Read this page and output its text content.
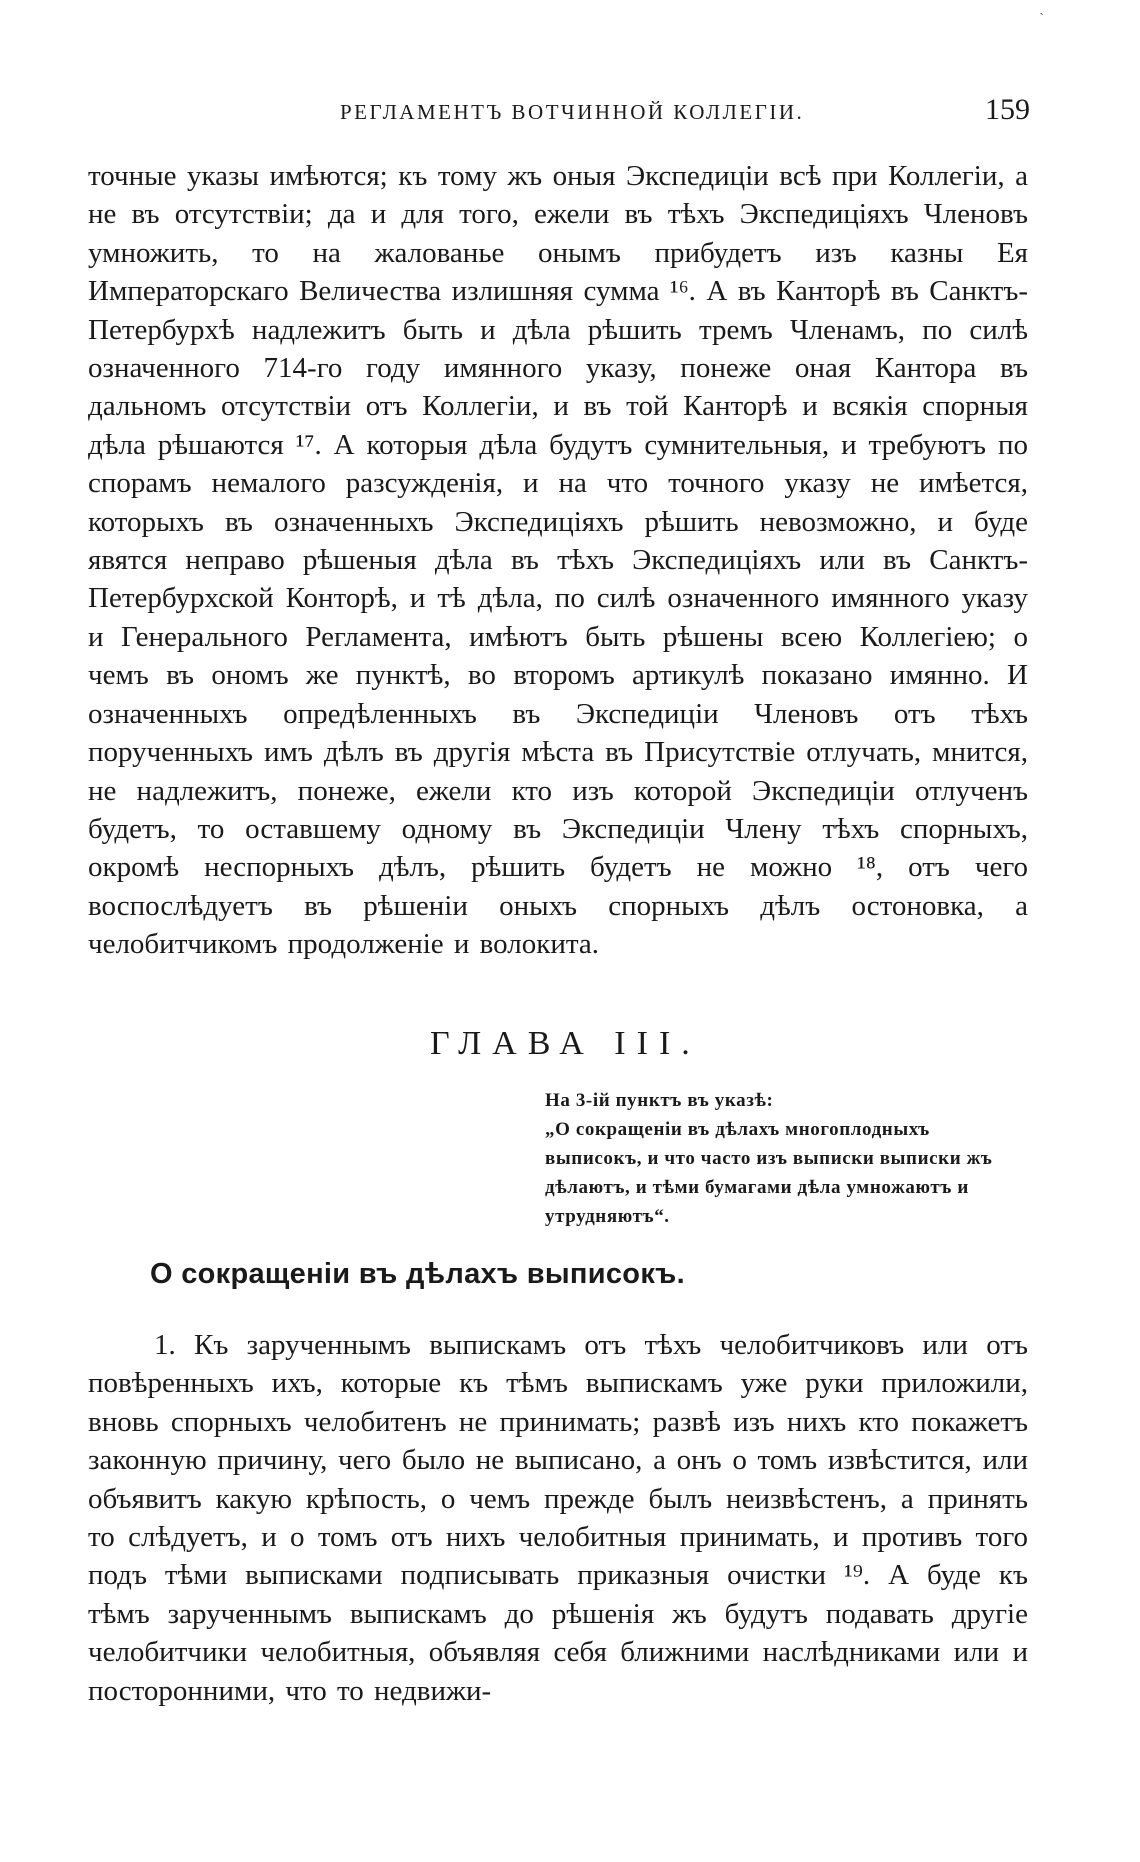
`
РЕГЛАМЕНТЪ ВОТЧИННОЙ КОЛЛЕГIИ.	159
точные указы имѣются; къ тому жъ оныя Экспедицiи всѣ при Коллегiи, а не въ отсутствiи; да и для того, ежели въ тѣхъ Экспедицiяхъ Членовъ умножить, то на жалованье онымъ прибудетъ изъ казны Ея Императорскаго Величества излишняя сумма ¹⁶. А въ Канторѣ въ Санктъ-Петербурхѣ надлежитъ быть и дѣла рѣшить тремъ Членамъ, по силѣ означенного 714-го году имянного указу, понеже оная Кантора въ дальномъ отсутствiи отъ Коллегiи, и въ той Канторѣ и всякiя спорныя дѣла рѣшаются ¹⁷. А которыя дѣла будутъ сумнительныя, и требуютъ по спорамъ немалого разсужденiя, и на что точного указу не имѣется, которыхъ въ означенныхъ Экспедицiяхъ рѣшить невозможно, и буде явятся неправо рѣшеныя дѣла въ тѣхъ Экспедицiяхъ или въ Санктъ-Петербурхской Конторѣ, и тѣ дѣла, по силѣ означенного имянного указу и Генерального Регламента, имѣютъ быть рѣшены всею Коллегiею; о чемъ въ ономъ же пунктѣ, во второмъ артикулѣ показано имянно. И означенныхъ опредѣленныхъ въ Экспедицiи Членовъ отъ тѣхъ порученныхъ имъ дѣлъ въ другiя мѣста въ Присутствiе отлучать, мнится, не надлежитъ, понеже, ежели кто изъ которой Экспедицiи отлученъ будетъ, то оставшему одному въ Экспедицiи Члену тѣхъ спорныхъ, окромѣ неспорныхъ дѣлъ, рѣшить будетъ не можно ¹⁸, отъ чего воспослѣдуетъ въ рѣшенiи оныхъ спорныхъ дѣлъ остоновка, а челобитчикомъ продолженiе и волокита.
ГЛАВА III.
На 3-iй пунктъ въ указѣ:
„О сокращенiи въ дѣлахъ многоплодныхъ выписокъ, и что часто изъ выписки выписки жъ дѣлаютъ, и тѣми бумагами дѣла умножаютъ и утрудняютъ“.
О сокращенiи въ дѣлахъ выписокъ.
1. Къ зарученнымъ выпискамъ отъ тѣхъ челобитчиковъ или отъ повѣренныхъ ихъ, которые къ тѣмъ выпискамъ уже руки приложили, вновь спорныхъ челобитенъ не принимать; развѣ изъ нихъ кто покажетъ законную причину, чего было не выписано, а онъ о томъ извѣстится, или объявитъ какую крѣпость, о чемъ прежде былъ неизвѣстенъ, а принять то слѣдуетъ, и о томъ отъ нихъ челобитныя принимать, и противъ того подъ тѣми выписками подписывать приказныя очистки ¹⁹. А буде къ тѣмъ зарученнымъ выпискамъ до рѣшенiя жъ будутъ подавать другiе челобитчики челобитныя, объявляя себя ближними наслѣдниками или и посторонними, что то недвижи-
